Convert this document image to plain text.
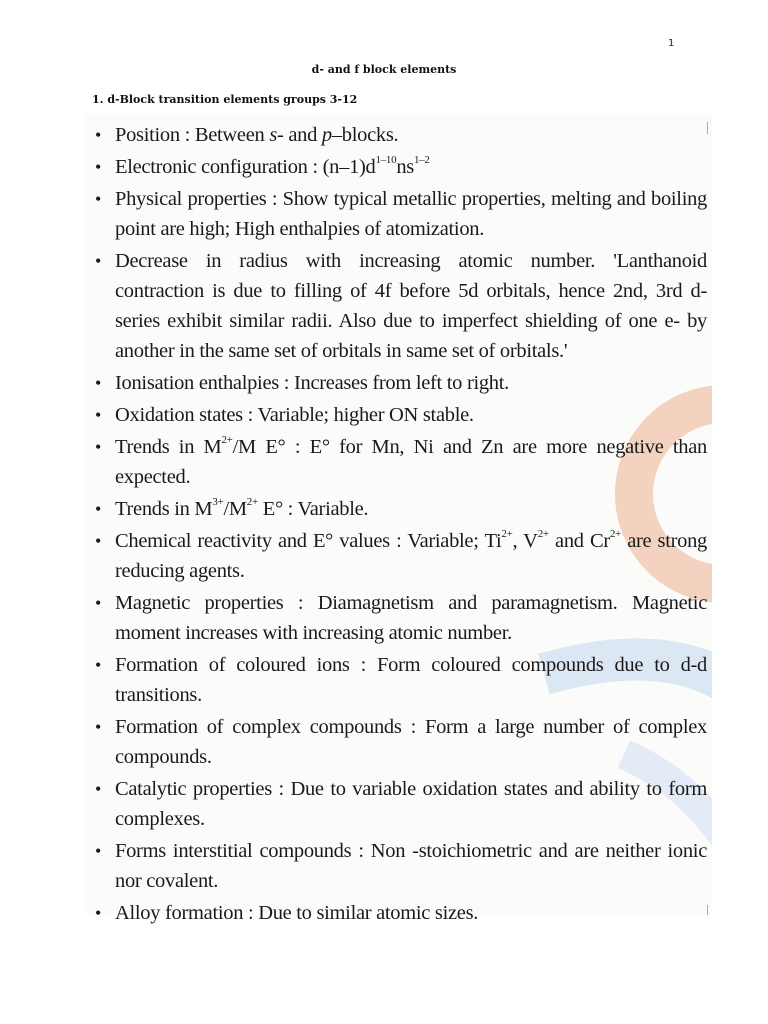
1
d- and f block elements
1. d-Block transition elements groups 3-12
• Position : Between s- and p–blocks.
• Electronic configuration : $(n-1)d^{1-10}ns^{1-2}$
• Physical properties : Show typical metallic properties, melting and boiling point are high; High enthalpies of atomization.
• Decrease in radius with increasing atomic number. 'Lanthanoid contraction is due to filling of 4f before 5d orbitals, hence 2nd, 3rd d-series exhibit similar radii. Also due to imperfect shielding of one e- by another in the same set of orbitals in same set of orbitals.'
• Ionisation enthalpies : Increases from left to right.
• Oxidation states : Variable; higher ON stable.
• Trends in $M^{2+}/M$ E° : E° for Mn, Ni and Zn are more negative than expected.
• Trends in $M^{3+}/M^{2+}$ E° : Variable.
• Chemical reactivity and E° values : Variable; $Ti^{2+}$, $V^{2+}$ and $Cr^{2+}$ are strong reducing agents.
• Magnetic properties : Diamagnetism and paramagnetism. Magnetic moment increases with increasing atomic number.
• Formation of coloured ions : Form coloured compounds due to d-d transitions.
• Formation of complex compounds : Form a large number of complex compounds.
• Catalytic properties : Due to variable oxidation states and ability to form complexes.
• Forms interstitial compounds : Non -stoichiometric and are neither ionic nor covalent.
• Alloy formation : Due to similar atomic sizes.
